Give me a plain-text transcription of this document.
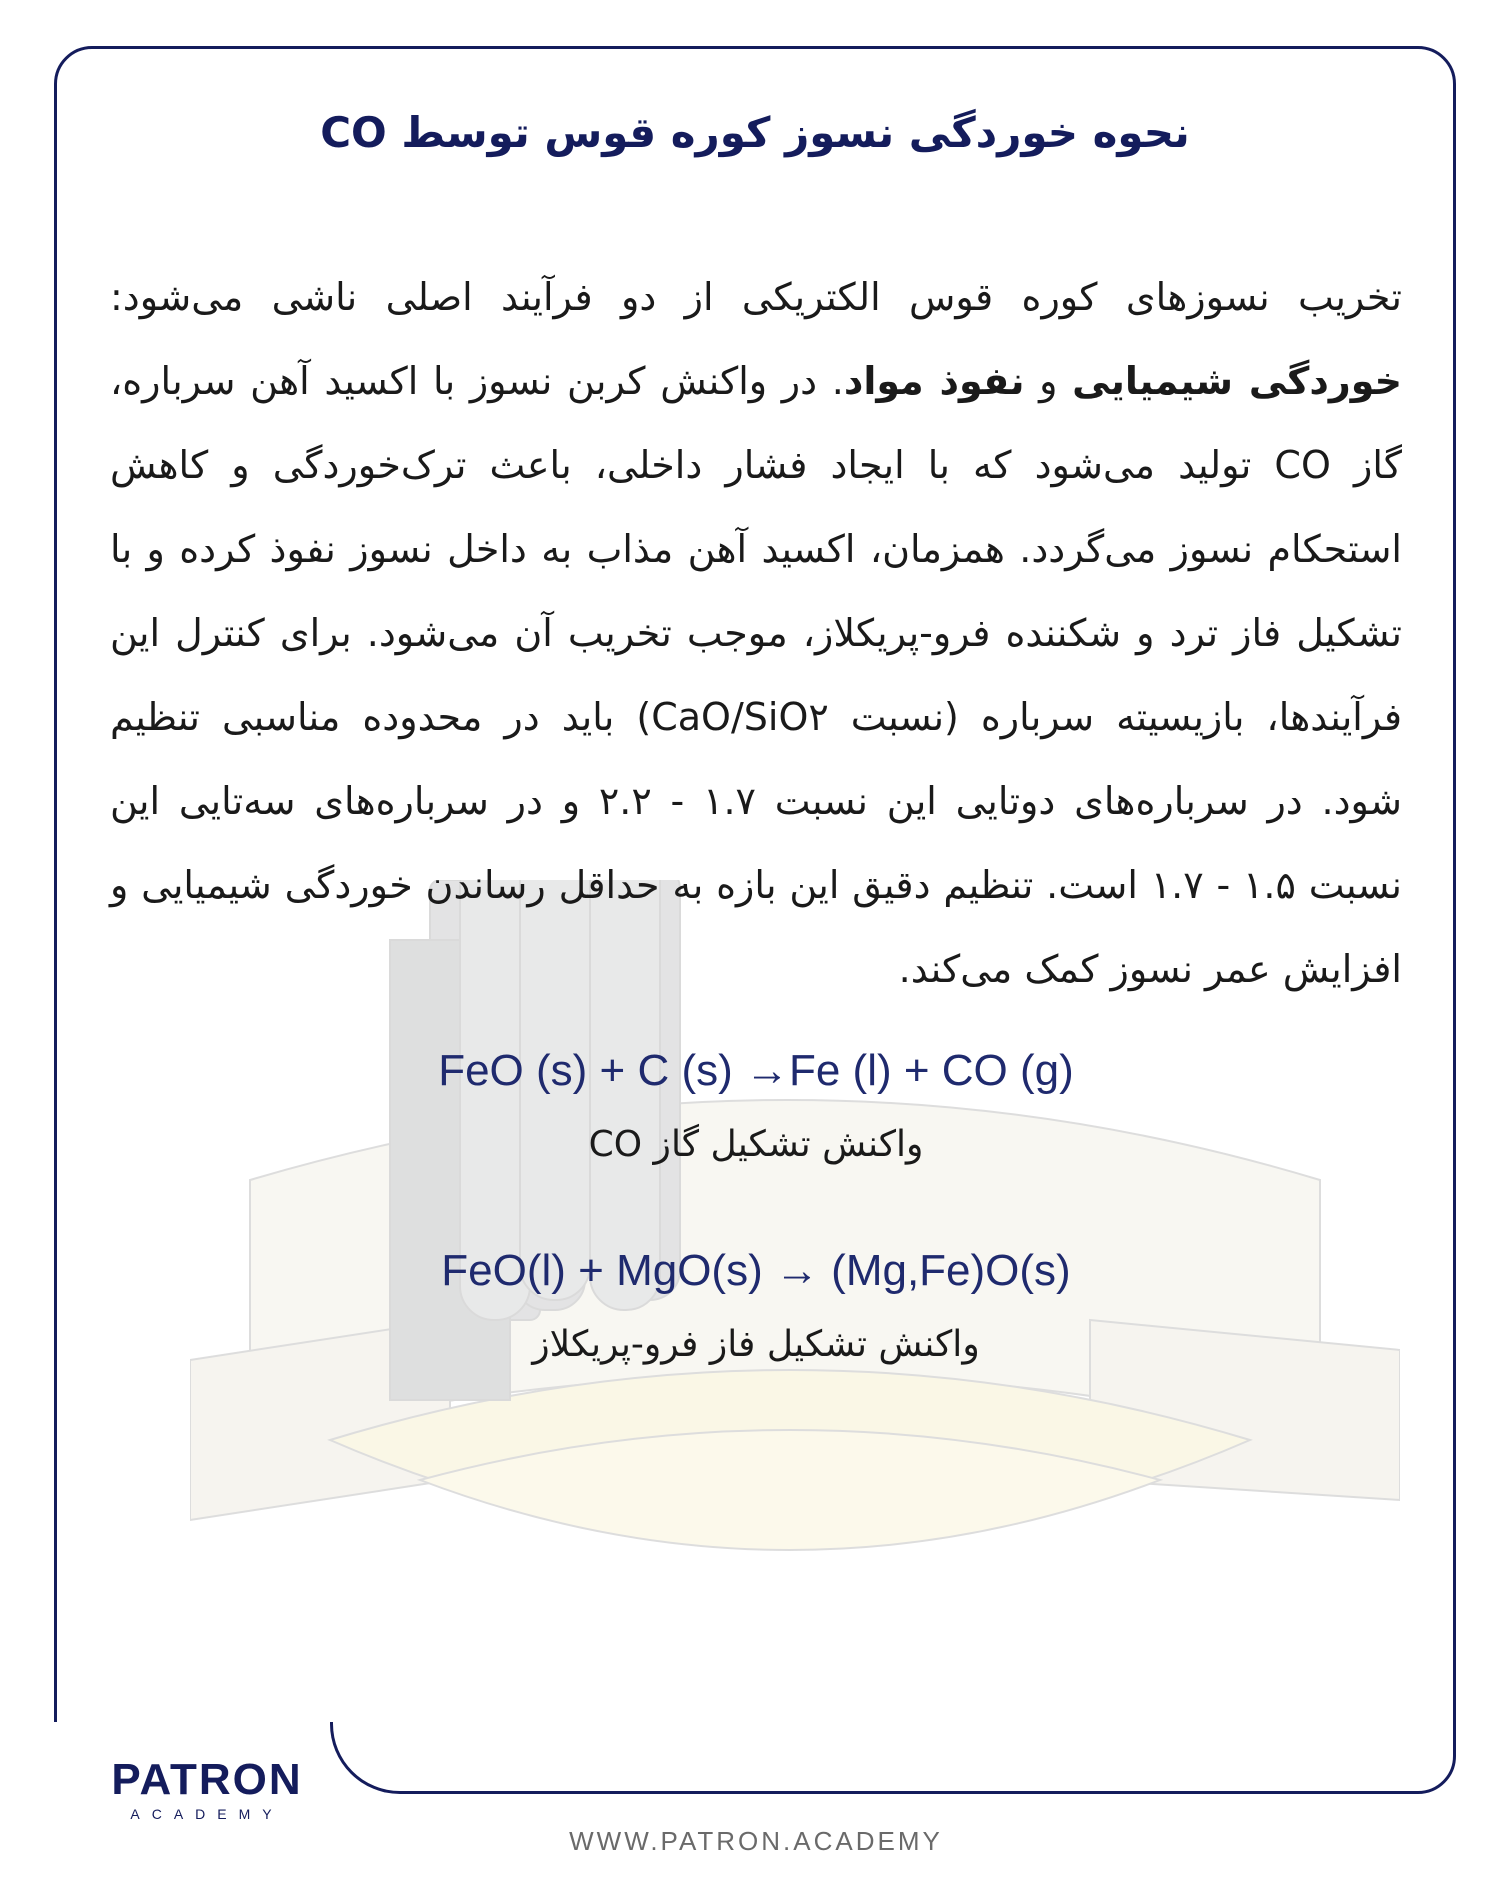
نحوه خوردگی نسوز کوره قوس توسط CO
تخریب نسوزهای کوره قوس الکتریکی از دو فرآیند اصلی ناشی می‌شود: خوردگی شیمیایی و نفوذ مواد. در واکنش کربن نسوز با اکسید آهن سرباره، گاز CO تولید می‌شود که با ایجاد فشار داخلی، باعث ترک‌خوردگی و کاهش استحکام نسوز می‌گردد. همزمان، اکسید آهن مذاب به داخل نسوز نفوذ کرده و با تشکیل فاز ترد و شکننده فرو-پریکلاز، موجب تخریب آن می‌شود. برای کنترل این فرآیندها، بازیسیته سرباره (نسبت CaO/SiO۲) باید در محدوده مناسبی تنظیم شود. در سرباره‌های دوتایی این نسبت ۱.۷ - ۲.۲ و در سرباره‌های سه‌تایی این نسبت ۱.۵ - ۱.۷ است. تنظیم دقیق این بازه به حداقل رساندن خوردگی شیمیایی و افزایش عمر نسوز کمک می‌کند.
FeO (s) + C (s) →Fe (l) + CO (g)
واکنش تشکیل گاز CO
FeO(l) + MgO(s) → (Mg,Fe)O(s)
واکنش تشکیل فاز فرو-پریکلاز
PATRON
ACADEMY
WWW.PATRON.ACADEMY
